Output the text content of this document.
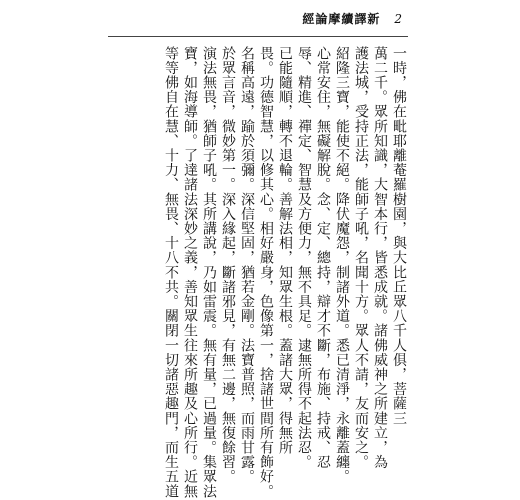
經論摩續譯新 2
一時，佛在毗耶離菴羅樹園，與大比丘眾八千人俱，菩薩三
萬二千。眾所知識，大智本行，皆悉成就。諸佛威神之所建立，為
護法城，受持正法，能師子吼，名聞十方。眾人不請，友而安之。
紹隆三寶，能使不絕。降伏魔怨，制諸外道。悉已清淨，永離蓋纏。
心常安住，無礙解脫。念、定、總持，辯才不斷，布施、持戒、忍
辱、精進、禪定、智慧及方便力，無不具足。逮無所得不起法忍。
已能隨順，轉不退輪。善解法相，知眾生根。蓋諸大眾，得無所
畏。功德智慧，以修其心。相好嚴身，色像第一，捨諸世間所有飾好。
名稱高遠，踰於須彌。深信堅固，猶若金剛。法寶普照，而雨甘露。
於眾言音，微妙第一。深入緣起，斷諸邪見，有無二邊，無復餘習。
演法無畏，猶師子吼。其所講說，乃如雷震。無有量，已過量。集眾法
寶，如海導師。了達諸法深妙之義，善知眾生往來所趣及心所行。近無
等等佛自在慧、十力、無畏、十八不共。關閉一切諸惡趣門，而生五道
